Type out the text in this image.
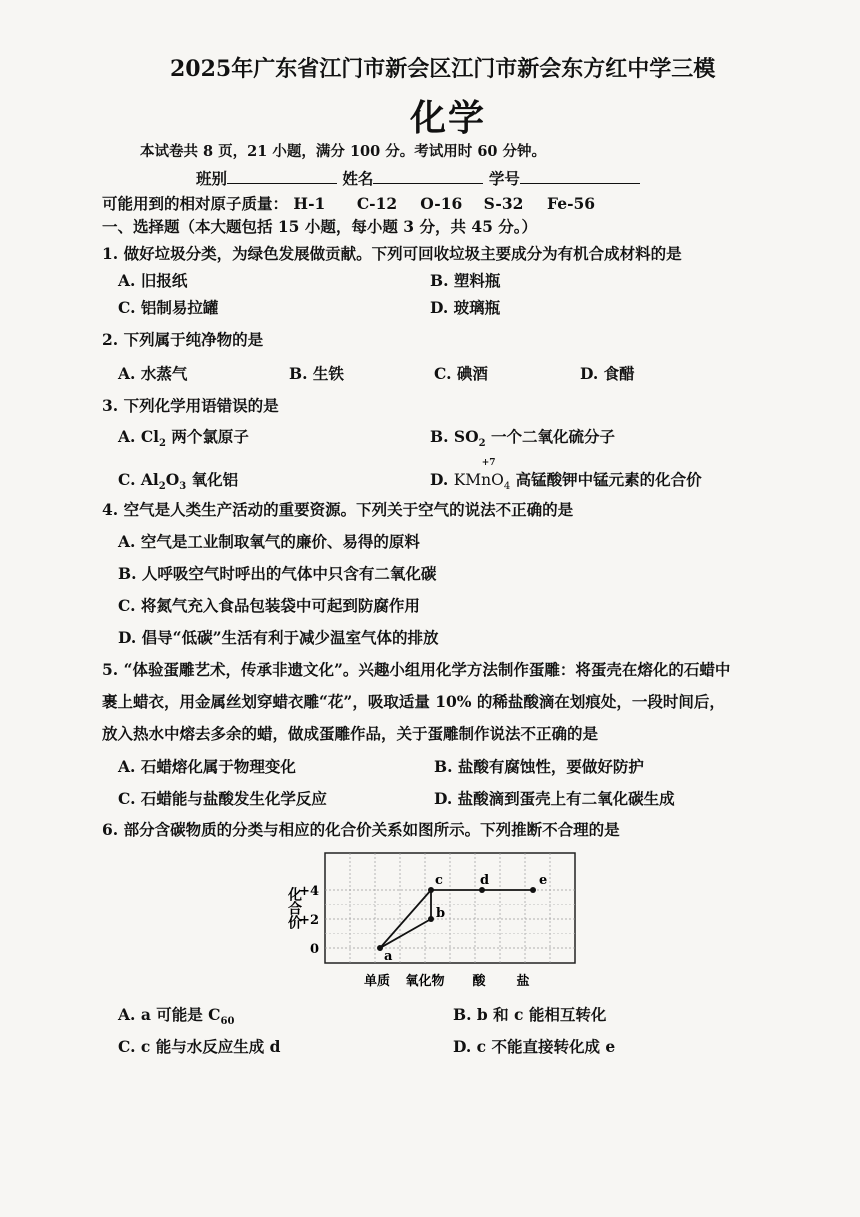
2025年广东省江门市新会区江门市新会东方红中学三模
化学
本试卷共 8 页，21 小题，满分 100 分。考试用时 60 分钟。
班别	姓名	学号
可能用到的相对原子质量： H-1 C-12 O-16 S-32 Fe-56
一、选择题（本大题包括 15 小题，每小题 3 分，共 45 分。）
1. 做好垃圾分类，为绿色发展做贡献。下列可回收垃圾主要成分为有机合成材料的是
A. 旧报纸	B. 塑料瓶
C. 铝制易拉罐	D. 玻璃瓶
2. 下列属于纯净物的是
A. 水蒸气	B. 生铁	C. 碘酒	D. 食醋
3. 下列化学用语错误的是
A. $Cl_2$ 两个氯原子	B. $SO_2$ 一个二氧化硫分子
C. $Al_2O_3$ 氧化铝	D.
+7
KMnO$_4$ 高锰酸钾中锰元素的化合价
4. 空气是人类生产活动的重要资源。下列关于空气的说法不正确的是
A. 空气是工业制取氧气的廉价、易得的原料
B. 人呼吸空气时呼出的气体中只含有二氧化碳
C. 将氮气充入食品包装袋中可起到防腐作用
D. 倡导“低碳”生活有利于减少温室气体的排放
5. “体验蛋雕艺术，传承非遗文化”。兴趣小组用化学方法制作蛋雕：将蛋壳在熔化的石蜡中
裹上蜡衣，用金属丝划穿蜡衣雕“花”，吸取适量 10% 的稀盐酸滴在划痕处，一段时间后，
放入热水中熔去多余的蜡，做成蛋雕作品，关于蛋雕制作说法不正确的是
A. 石蜡熔化属于物理变化	B. 盐酸有腐蚀性，要做好防护
C. 石蜡能与盐酸发生化学反应	D. 盐酸滴到蛋壳上有二氧化碳生成
6. 部分含碳物质的分类与相应的化合价关系如图所示。下列推断不合理的是
a
b
c	d	e
+4
+2
0
单质 氧化物 酸 盐
化合价
A. a 可能是 $C_{60}$	B. b 和 c 能相互转化
C. c 能与水反应生成 d	D. c 不能直接转化成 e
